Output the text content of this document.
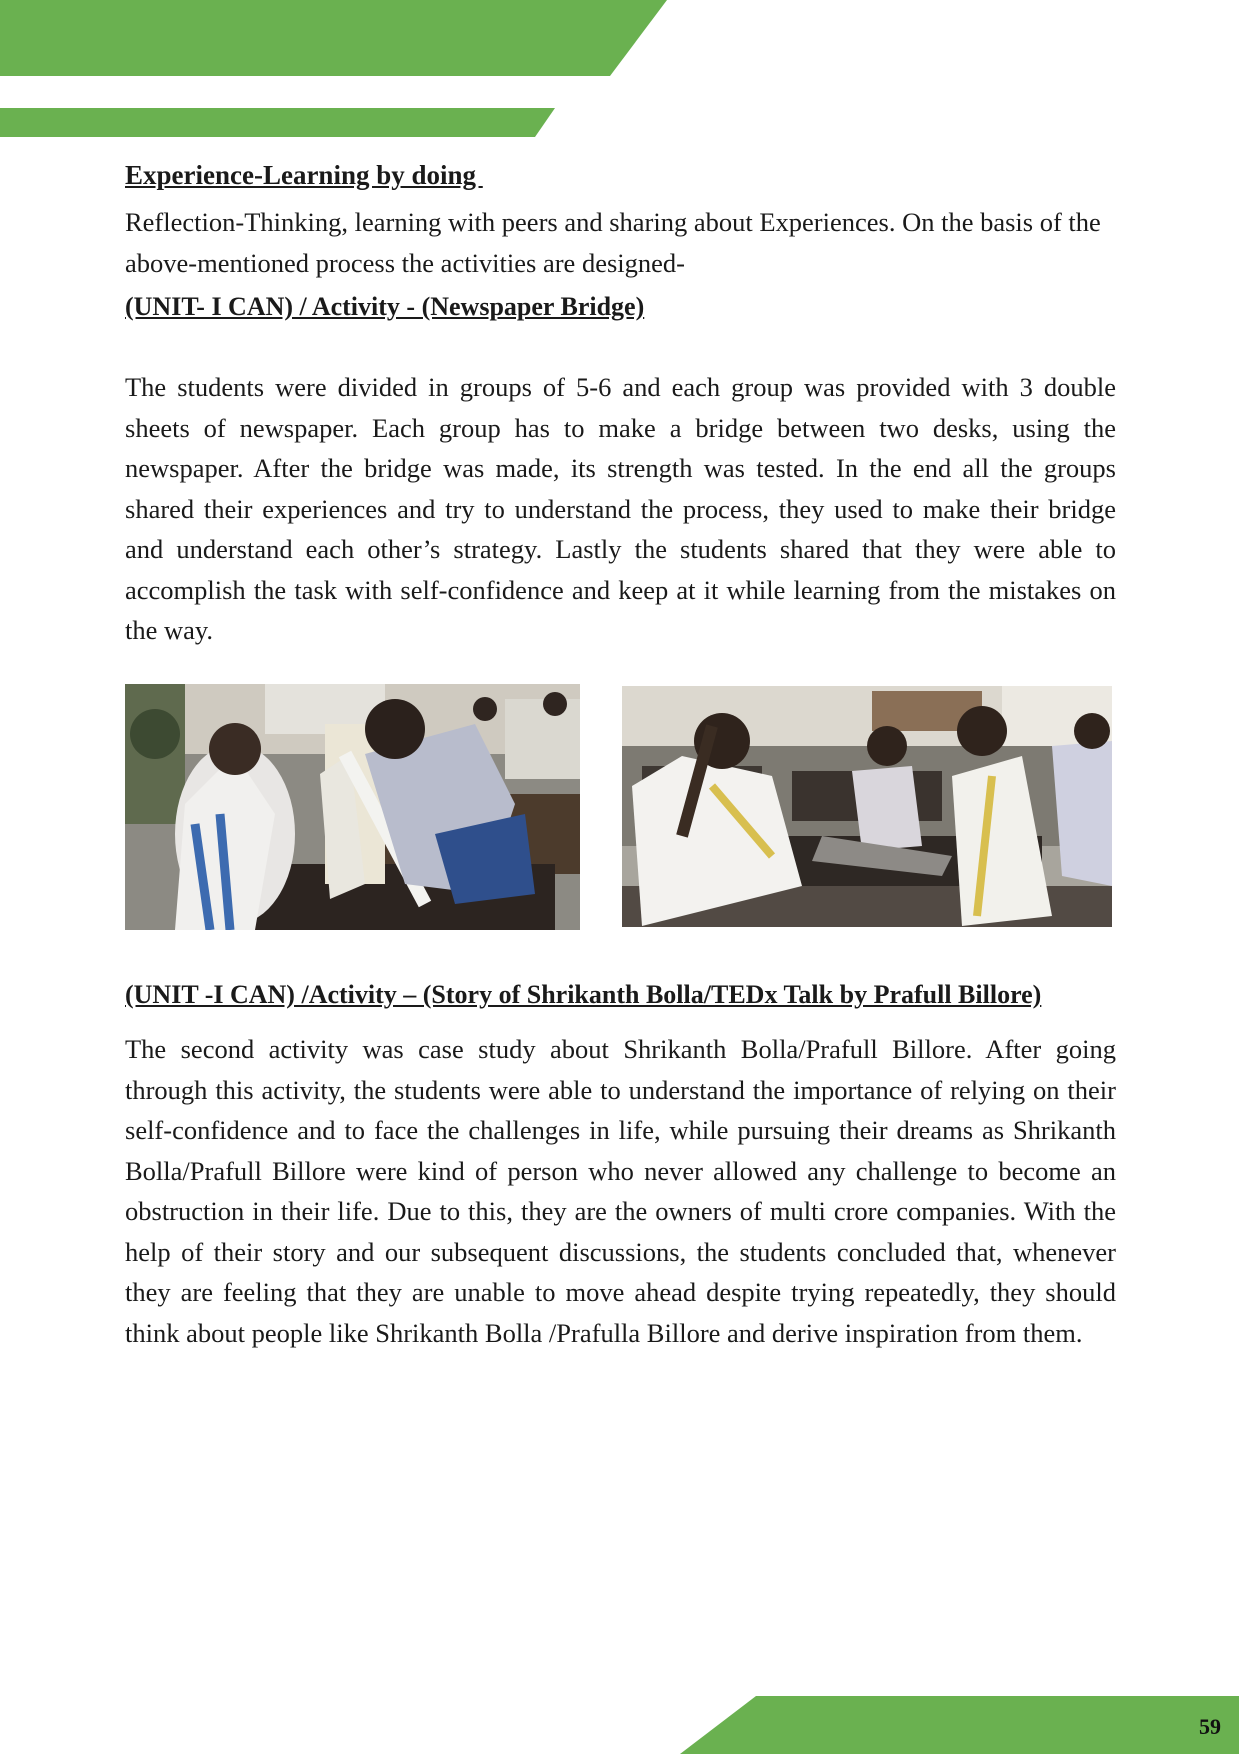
Experience-Learning by doing

Reflection-Thinking, learning with peers and sharing about Experiences. On the basis of the above-mentioned process the activities are designed-

(UNIT- I CAN) / Activity - (Newspaper Bridge)

The students were divided in groups of 5-6 and each group was provided with 3 double sheets of newspaper. Each group has to make a bridge between two desks, using the newspaper. After the bridge was made, its strength was tested. In the end all the groups shared their experiences and try to understand the process, they used to make their bridge and understand each other’s strategy. Lastly the students shared that they were able to accomplish the task with self-confidence and keep at it while learning from the mistakes on the way.

(UNIT -I CAN) /Activity – (Story of Shrikanth Bolla/TEDx Talk by Prafull Billore)

The second activity was case study about Shrikanth Bolla/Prafull Billore. After going through this activity, the students were able to understand the importance of relying on their self-confidence and to face the challenges in life, while pursuing their dreams as Shrikanth Bolla/Prafull Billore were kind of person who never allowed any challenge to become an obstruction in their life. Due to this, they are the owners of multi crore companies. With the help of their story and our subsequent discussions, the students concluded that, whenever they are feeling that they are unable to move ahead despite trying repeatedly, they should think about people like Shrikanth Bolla /Prafulla Billore and derive inspiration from them.

59
